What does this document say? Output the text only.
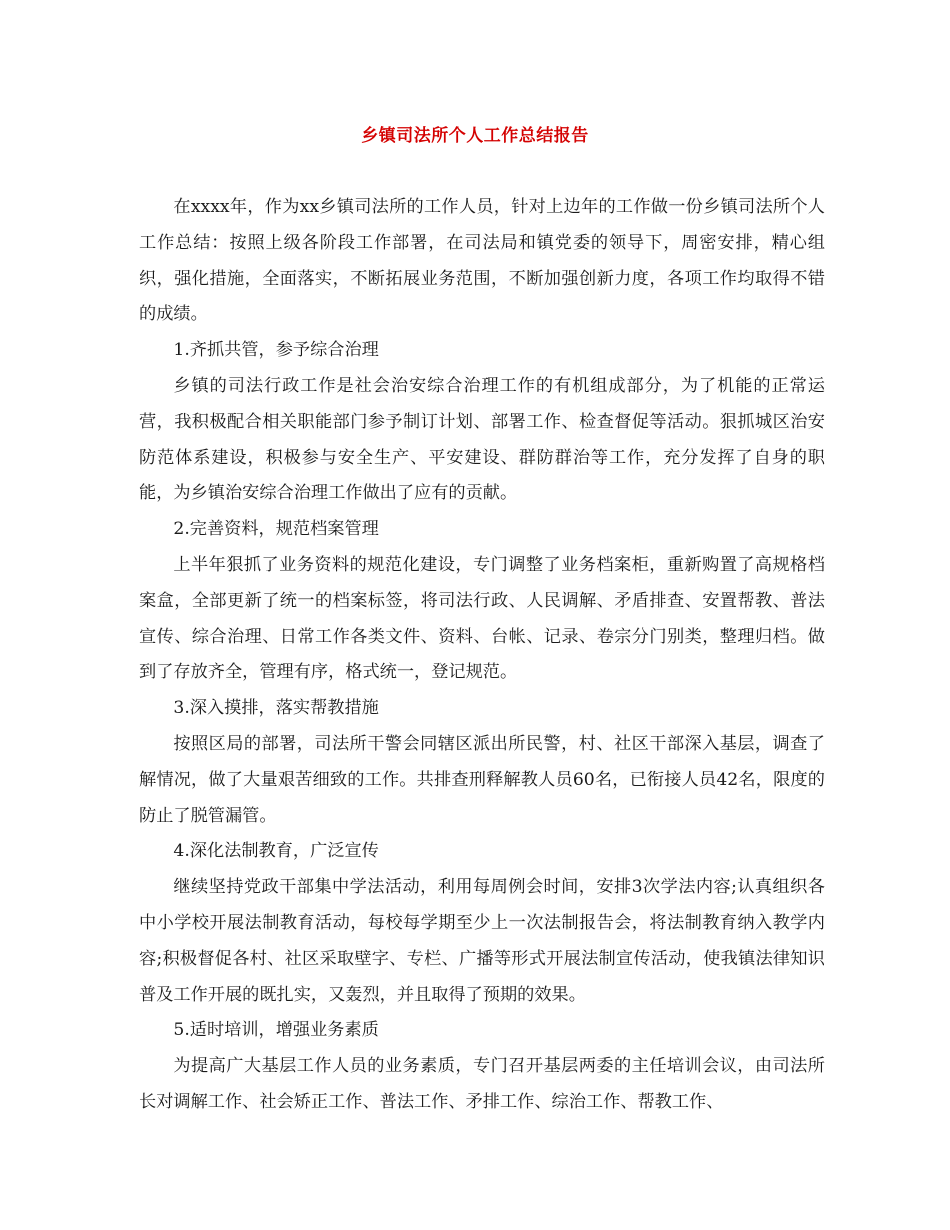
乡镇司法所个人工作总结报告

在xxxx年，作为xx乡镇司法所的工作人员，针对上边年的工作做一份乡镇司法所个人工作总结：按照上级各阶段工作部署，在司法局和镇党委的领导下，周密安排，精心组织，强化措施，全面落实，不断拓展业务范围，不断加强创新力度，各项工作均取得不错的成绩。

1.齐抓共管，参予综合治理

乡镇的司法行政工作是社会治安综合治理工作的有机组成部分，为了机能的正常运营，我积极配合相关职能部门参予制订计划、部署工作、检查督促等活动。狠抓城区治安防范体系建设，积极参与安全生产、平安建设、群防群治等工作，充分发挥了自身的职能，为乡镇治安综合治理工作做出了应有的贡献。

2.完善资料，规范档案管理

上半年狠抓了业务资料的规范化建设，专门调整了业务档案柜，重新购置了高规格档案盒，全部更新了统一的档案标签，将司法行政、人民调解、矛盾排查、安置帮教、普法宣传、综合治理、日常工作各类文件、资料、台帐、记录、卷宗分门别类，整理归档。做到了存放齐全，管理有序，格式统一，登记规范。

3.深入摸排，落实帮教措施

按照区局的部署，司法所干警会同辖区派出所民警，村、社区干部深入基层，调查了解情况，做了大量艰苦细致的工作。共排查刑释解教人员60名，已衔接人员42名，限度的防止了脱管漏管。

4.深化法制教育，广泛宣传

继续坚持党政干部集中学法活动，利用每周例会时间，安排3次学法内容;认真组织各中小学校开展法制教育活动，每校每学期至少上一次法制报告会，将法制教育纳入教学内容;积极督促各村、社区采取壁字、专栏、广播等形式开展法制宣传活动，使我镇法律知识普及工作开展的既扎实，又轰烈，并且取得了预期的效果。

5.适时培训，增强业务素质

为提高广大基层工作人员的业务素质，专门召开基层两委的主任培训会议，由司法所长对调解工作、社会矫正工作、普法工作、矛排工作、综治工作、帮教工作、
